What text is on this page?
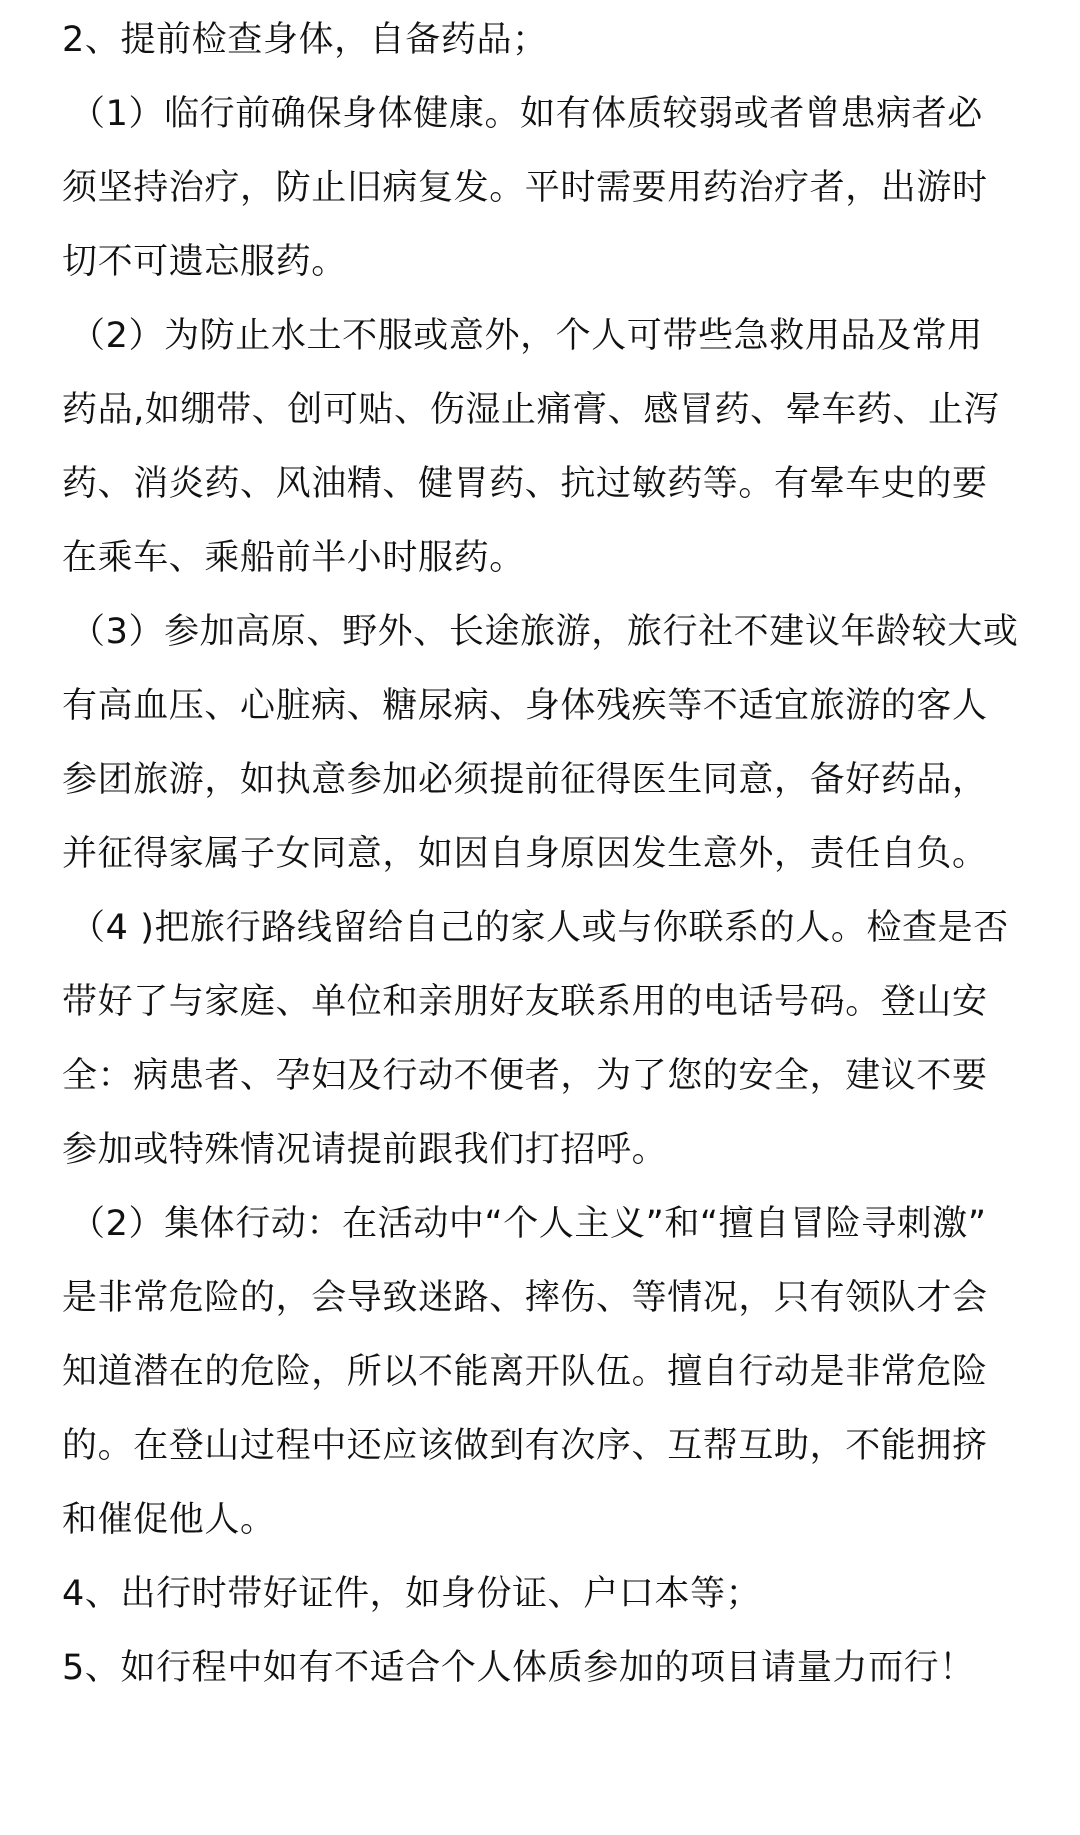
2、提前检查身体，自备药品；
（1）临行前确保身体健康。如有体质较弱或者曾患病者必
须坚持治疗，防止旧病复发。平时需要用药治疗者，出游时
切不可遗忘服药。
（2）为防止水土不服或意外，个人可带些急救用品及常用
药品,如绷带、创可贴、伤湿止痛膏、感冒药、晕车药、止泻
药、消炎药、风油精、健胃药、抗过敏药等。有晕车史的要
在乘车、乘船前半小时服药。
（3）参加高原、野外、长途旅游，旅行社不建议年龄较大或
有高血压、心脏病、糖尿病、身体残疾等不适宜旅游的客人
参团旅游，如执意参加必须提前征得医生同意，备好药品，
并征得家属子女同意，如因自身原因发生意外，责任自负。
（4 )把旅行路线留给自己的家人或与你联系的人。检查是否
带好了与家庭、单位和亲朋好友联系用的电话号码。登山安
全：病患者、孕妇及行动不便者，为了您的安全，建议不要
参加或特殊情况请提前跟我们打招呼。
（2）集体行动：在活动中“个人主义”和“擅自冒险寻刺激”
是非常危险的，会导致迷路、摔伤、等情况，只有领队才会
知道潜在的危险，所以不能离开队伍。擅自行动是非常危险
的。在登山过程中还应该做到有次序、互帮互助，不能拥挤
和催促他人。
4、出行时带好证件，如身份证、户口本等；
5、如行程中如有不适合个人体质参加的项目请量力而行！
